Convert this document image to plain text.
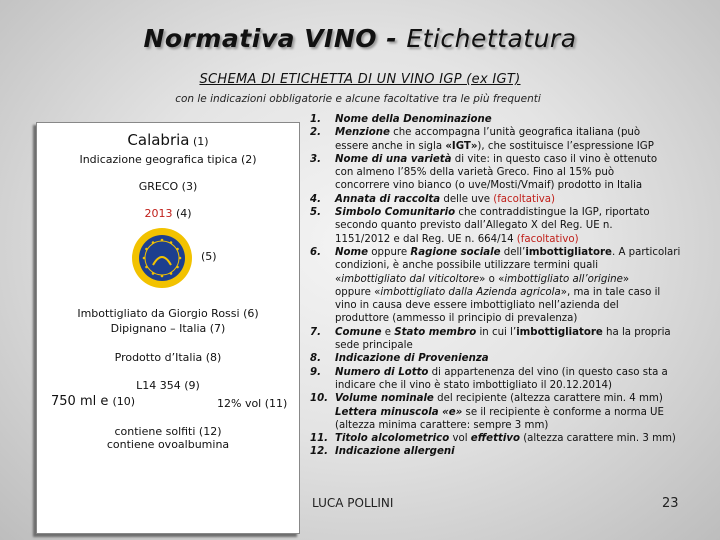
Normativa VINO - Etichettatura
SCHEMA DI ETICHETTA DI UN VINO IGP (ex IGT)
con le indicazioni obbligatorie e alcune facoltative tra le più frequenti
Calabria (1)
Indicazione geografica tipica (2)
GRECO (3)
2013 (4)
(5)
Imbottigliato da Giorgio Rossi (6)
Dipignano – Italia (7)
Prodotto d’Italia (8)
L14 354 (9)
750 ml e (10)	12% vol (11)
contiene solfiti (12)
contiene ovoalbumina
1. Nome della Denominazione
2. Menzione che accompagna l’unità geografica italiana (può
essere anche in sigla «IGT»), che sostituisce l’espressione IGP
3. Nome di una varietà di vite: in questo caso il vino è ottenuto
con almeno l’85% della varietà Greco. Fino al 15% può
concorrere vino bianco (o uve/Mosti/Vmaif) prodotto in Italia
4. Annata di raccolta delle uve (facoltativa)
5. Simbolo Comunitario che contraddistingue la IGP, riportato
secondo quanto previsto dall’Allegato X del Reg. UE n.
1151/2012 e dal Reg. UE n. 664/14 (facoltativo)
6. Nome oppure Ragione sociale dell’imbottigliatore. A particolari
condizioni, è anche possibile utilizzare termini quali
«imbottigliato dal viticoltore» o «imbottigliato all’origine»
oppure «imbottigliato dalla Azienda agricola», ma in tale caso il
vino in causa deve essere imbottigliato nell’azienda del
produttore (ammesso il principio di prevalenza)
7. Comune e Stato membro in cui l’imbottigliatore ha la propria
sede principale
8. Indicazione di Provenienza
9. Numero di Lotto di appartenenza del vino (in questo caso sta a
indicare che il vino è stato imbottigliato il 20.12.2014)
10. Volume nominale del recipiente (altezza carattere min. 4 mm)
Lettera minuscola «e» se il recipiente è conforme a norma UE
(altezza minima carattere: sempre 3 mm)
11. Titolo alcolometrico vol effettivo (altezza carattere min. 3 mm)
12. Indicazione allergeni
LUCA POLLINI	23
